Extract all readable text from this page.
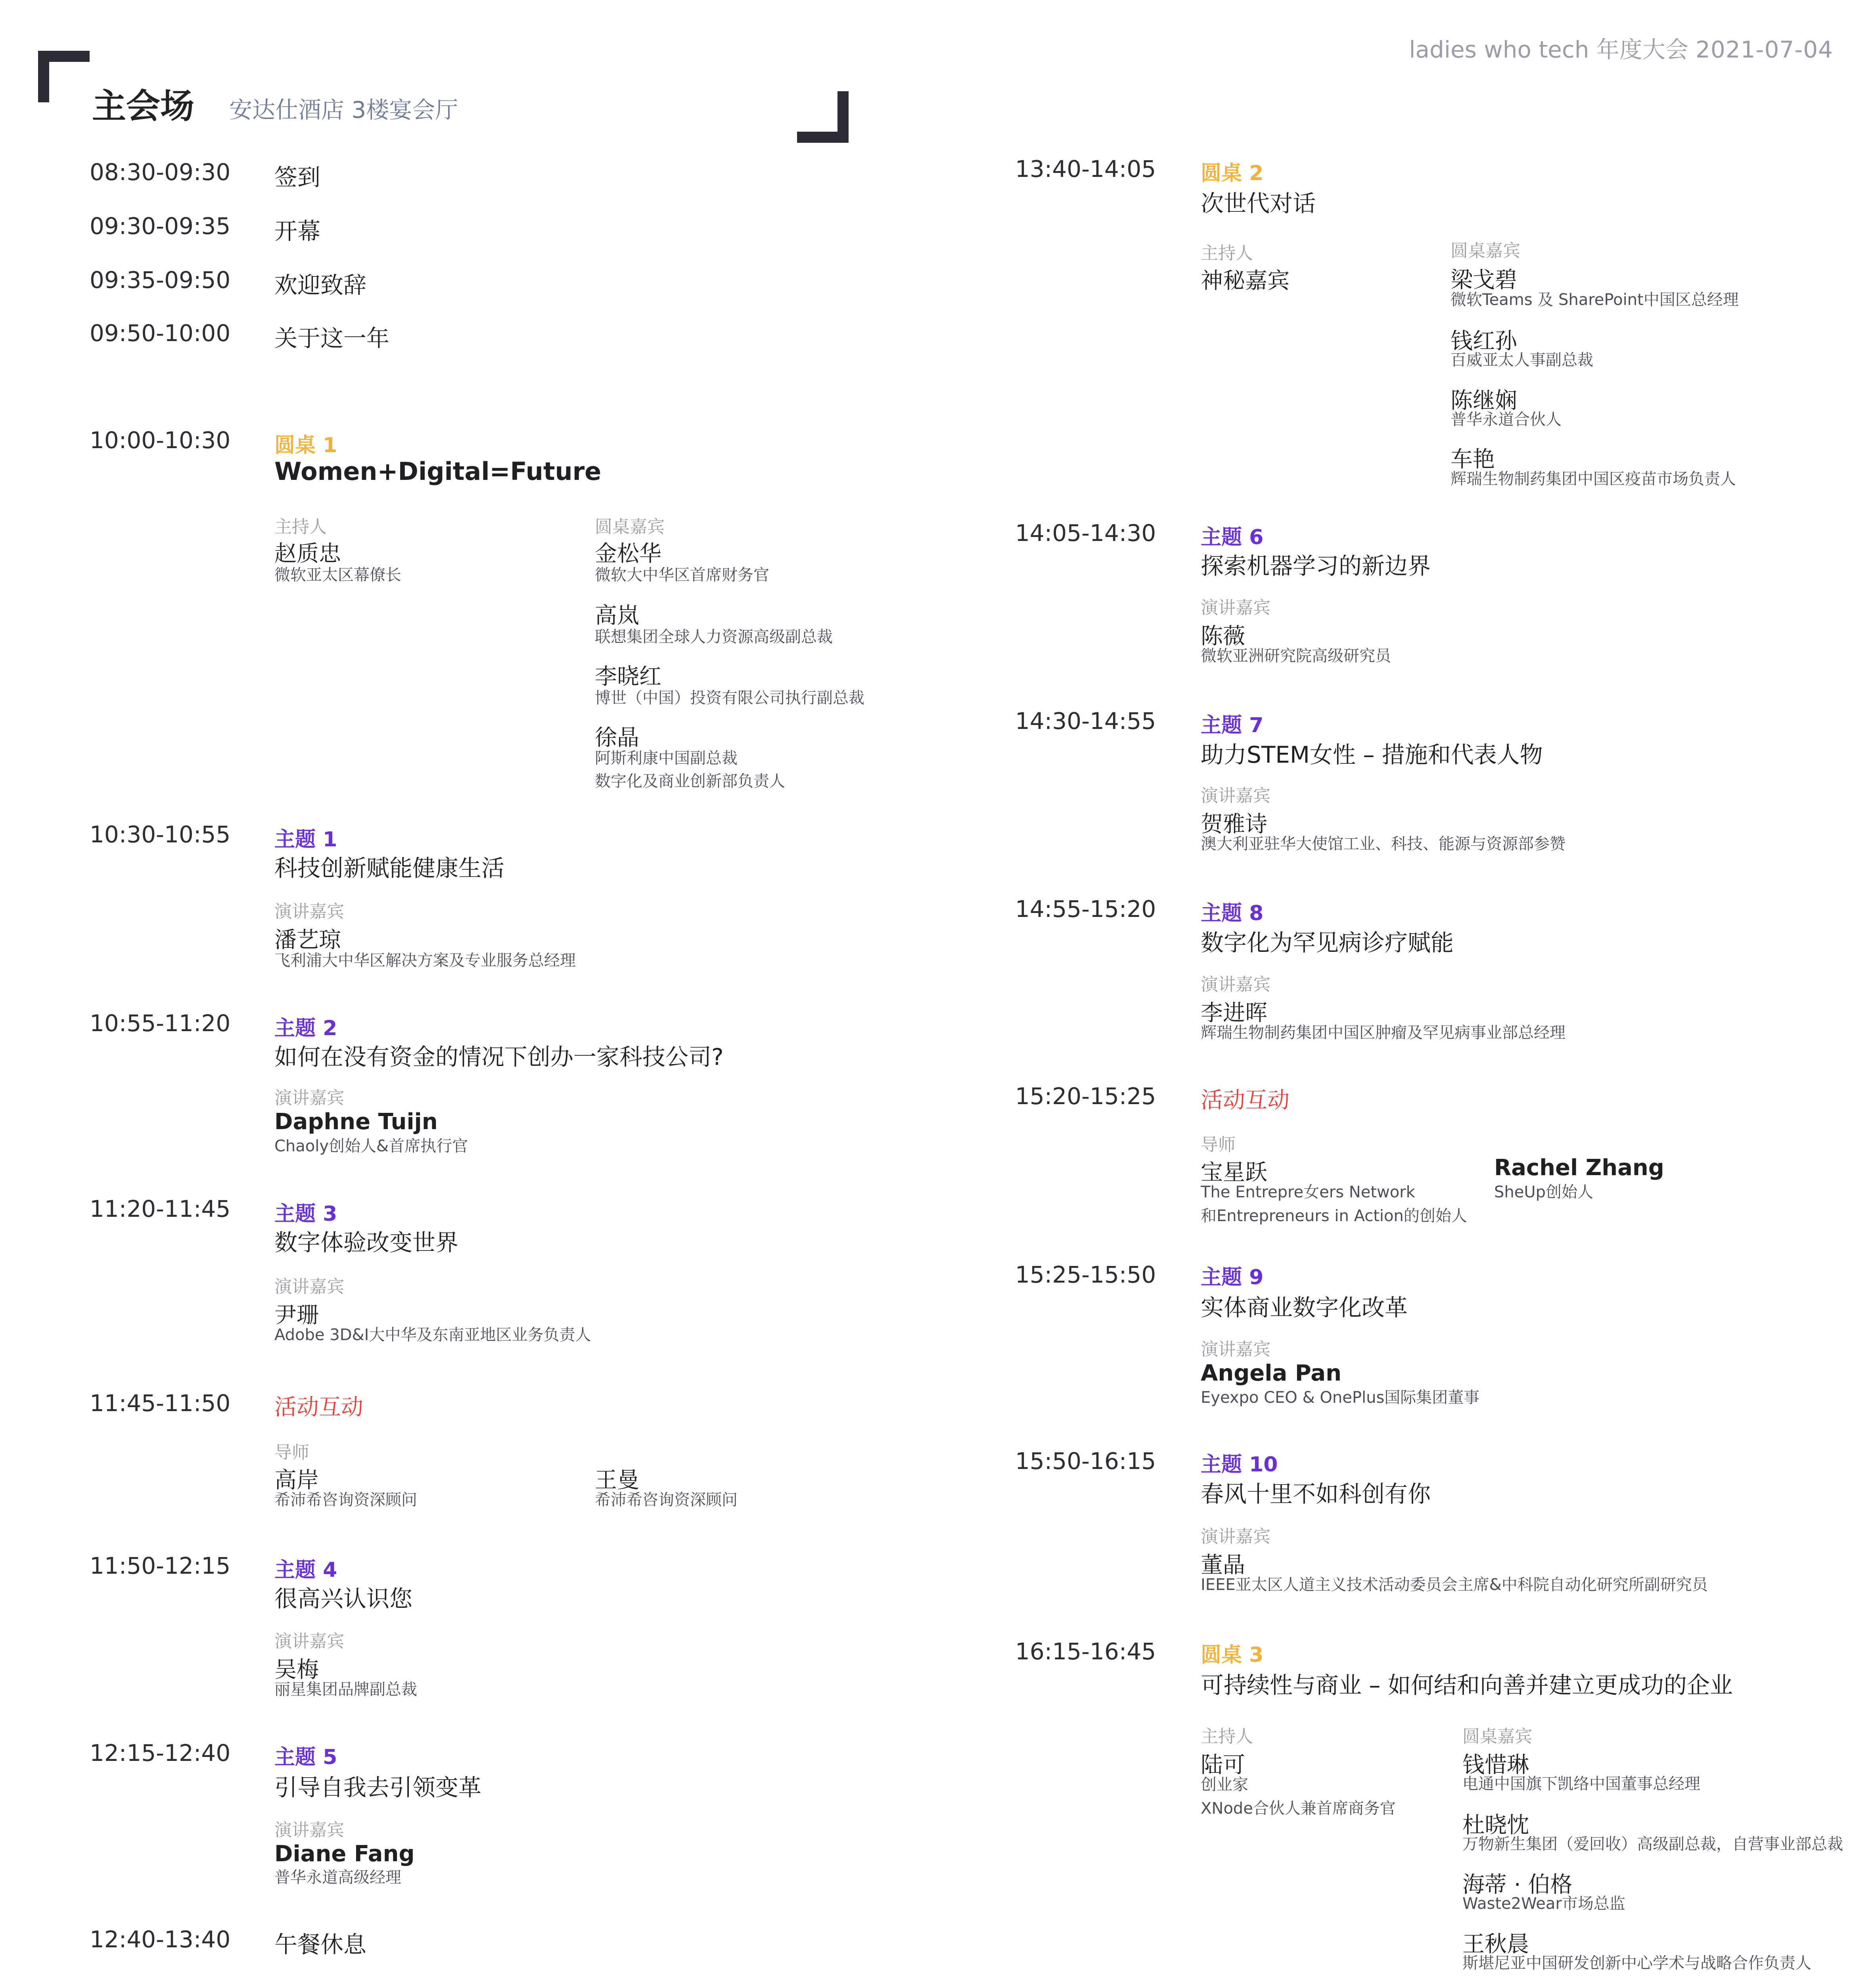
ladies who tech 年度大会 2021-07-04
主会场 安达仕酒店 3楼宴会厅
08:30-09:30 签到
09:30-09:35 开幕
09:35-09:50 欢迎致辞
09:50-10:00 关于这一年
10:00-10:30 圆桌 1
Women+Digital=Future
主持人
赵质忠
微软亚太区幕僚长
圆桌嘉宾
金松华
微软大中华区首席财务官
高岚
联想集团全球人力资源高级副总裁
李晓红
博世（中国）投资有限公司执行副总裁
徐晶
阿斯利康中国副总裁
数字化及商业创新部负责人
10:30-10:55 主题 1
科技创新赋能健康生活
演讲嘉宾
潘艺琼
飞利浦大中华区解决方案及专业服务总经理
10:55-11:20 主题 2
如何在没有资金的情况下创办一家科技公司?
演讲嘉宾
Daphne Tuijn
Chaoly创始人&首席执行官
11:20-11:45 主题 3
数字体验改变世界
演讲嘉宾
尹珊
Adobe 3D&I大中华及东南亚地区业务负责人
11:45-11:50 活动互动
导师
高岸
希沛希咨询资深顾问
王曼
希沛希咨询资深顾问
11:50-12:15 主题 4
很高兴认识您
演讲嘉宾
吴梅
丽星集团品牌副总裁
12:15-12:40 主题 5
引导自我去引领变革
演讲嘉宾
Diane Fang
普华永道高级经理
12:40-13:40 午餐休息
13:40-14:05 圆桌 2
次世代对话
主持人
神秘嘉宾
圆桌嘉宾
梁戈碧
微软Teams 及 SharePoint中国区总经理
钱红孙
百威亚太人事副总裁
陈继娴
普华永道合伙人
车艳
辉瑞生物制药集团中国区疫苗市场负责人
14:05-14:30 主题 6
探索机器学习的新边界
演讲嘉宾
陈薇
微软亚洲研究院高级研究员
14:30-14:55 主题 7
助力STEM女性 – 措施和代表人物
演讲嘉宾
贺雅诗
澳大利亚驻华大使馆工业、科技、能源与资源部参赞
14:55-15:20 主题 8
数字化为罕见病诊疗赋能
演讲嘉宾
李进晖
辉瑞生物制药集团中国区肿瘤及罕见病事业部总经理
15:20-15:25 活动互动
导师
宝星跃
The Entrepre女ers Network
和Entrepreneurs in Action的创始人
Rachel Zhang
SheUp创始人
15:25-15:50 主题 9
实体商业数字化改革
演讲嘉宾
Angela Pan
Eyexpo CEO & OnePlus国际集团董事
15:50-16:15 主题 10
春风十里不如科创有你
演讲嘉宾
董晶
IEEE亚太区人道主义技术活动委员会主席&中科院自动化研究所副研究员
16:15-16:45 圆桌 3
可持续性与商业 – 如何结和向善并建立更成功的企业
主持人
陆可
创业家
XNode合伙人兼首席商务官
圆桌嘉宾
钱惜琳
电通中国旗下凯络中国董事总经理
杜晓忱
万物新生集团（爱回收）高级副总裁，自营事业部总裁
海蒂 · 伯格
Waste2Wear市场总监
王秋晨
斯堪尼亚中国研发创新中心学术与战略合作负责人
